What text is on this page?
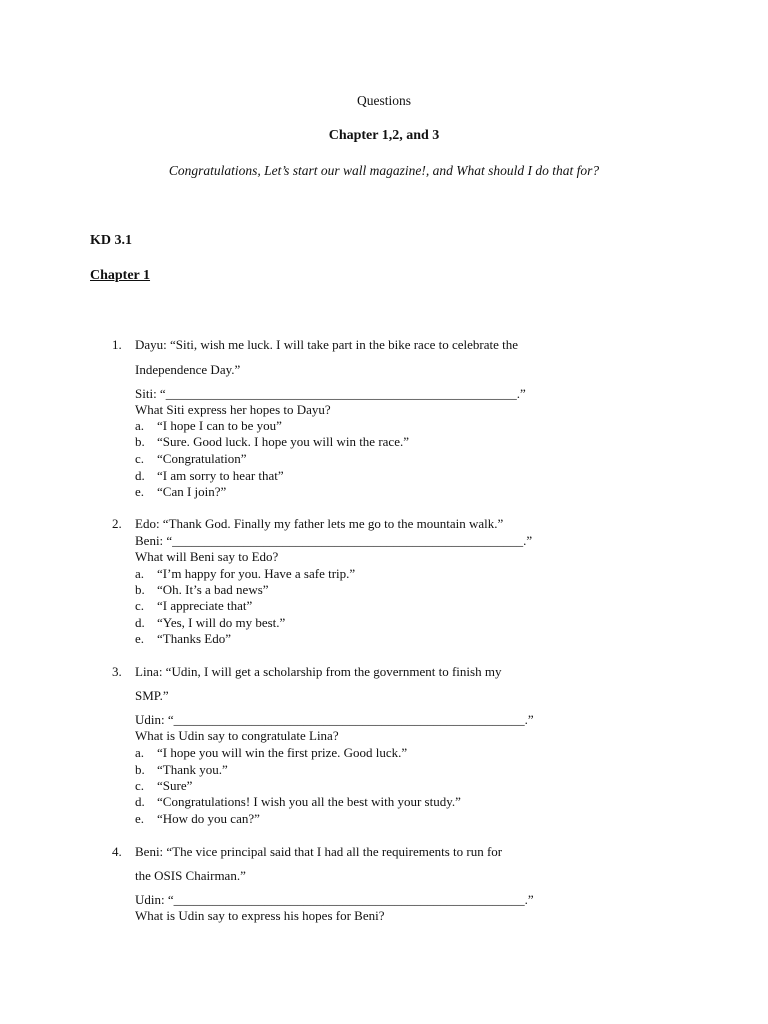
Questions
Chapter 1,2, and 3
Congratulations, Let’s start our wall magazine!, and What should I do that for?
KD 3.1
Chapter 1
1. Dayu: “Siti, wish me luck. I will take part in the bike race to celebrate the
Independence Day.”
Siti: “______________________________________________________.”
What Siti express her hopes to Dayu?
a. “I hope I can to be you”
b. “Sure. Good luck. I hope you will win the race.”
c. “Congratulation”
d. “I am sorry to hear that”
e. “Can I join?”
2. Edo: “Thank God. Finally my father lets me go to the mountain walk.”
Beni: “______________________________________________________.”
What will Beni say to Edo?
a. “I’m happy for you. Have a safe trip.”
b. “Oh. It’s a bad news”
c. “I appreciate that”
d. “Yes, I will do my best.”
e. “Thanks Edo”
3. Lina: “Udin, I will get a scholarship from the government to finish my
SMP.”
Udin: “______________________________________________________.”
What is Udin say to congratulate Lina?
a. “I hope you will win the first prize. Good luck.”
b. “Thank you.”
c. “Sure”
d. “Congratulations! I wish you all the best with your study.”
e. “How do you can?”
4. Beni: “The vice principal said that I had all the requirements to run for
the OSIS Chairman.”
Udin: “______________________________________________________.”
What is Udin say to express his hopes for Beni?
